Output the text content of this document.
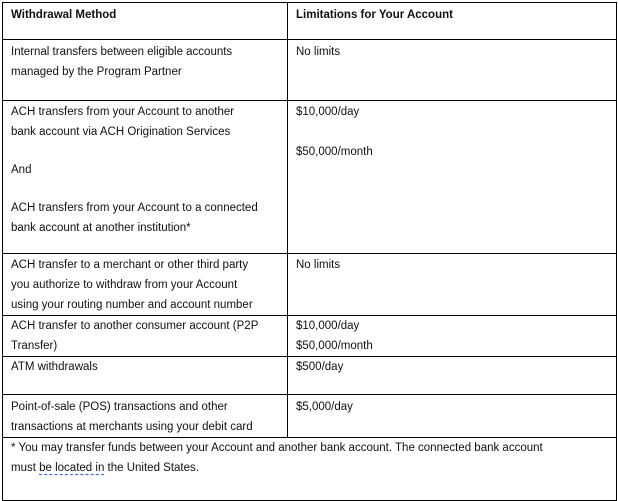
Withdrawal Method	Limitations for Your Account

Internal transfers between eligible accounts
managed by the Program Partner	No limits

ACH transfers from your Account to another
bank account via ACH Origination Services
And
ACH transfers from your Account to a connected
bank account at another institution*	$10,000/day
$50,000/month

ACH transfer to a merchant or other third party
you authorize to withdraw from your Account
using your routing number and account number	No limits

ACH transfer to another consumer account (P2P
Transfer)	$10,000/day
$50,000/month

ATM withdrawals	$500/day

Point-of-sale (POS) transactions and other
transactions at merchants using your debit card	$5,000/day

* You may transfer funds between your Account and another bank account. The connected bank account
must be located in the United States.	
